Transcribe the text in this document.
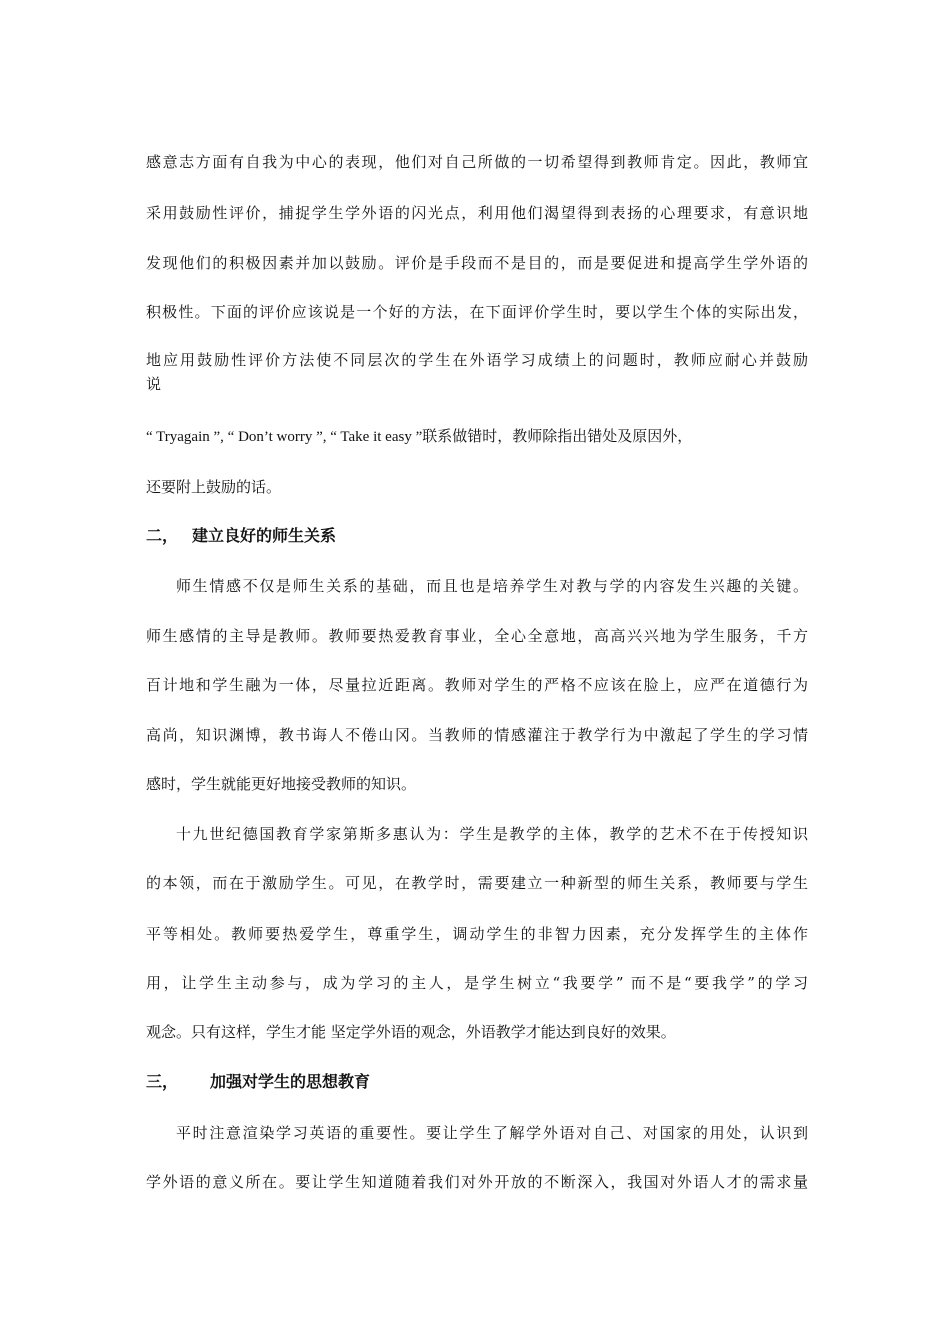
感意志方面有自我为中心的表现，他们对自己所做的一切希望得到教师肯定。因此，教师宜

采用鼓励性评价，捕捉学生学外语的闪光点，利用他们渴望得到表扬的心理要求，有意识地

发现他们的积极因素并加以鼓励。评价是手段而不是目的，而是要促进和提高学生学外语的

积极性。下面的评价应该说是一个好的方法，在下面评价学生时，要以学生个体的实际出发，

地应用鼓励性评价方法使不同层次的学生在外语学习成绩上的问题时，教师应耐心并鼓励

说

“ Tryagain ”, “ Don’t worry ”, “ Take it easy ”联系做错时，教师除指出错处及原因外，

还要附上鼓励的话。

二， 建立良好的师生关系

师生情感不仅是师生关系的基础，而且也是培养学生对教与学的内容发生兴趣的关键。

师生感情的主导是教师。教师要热爱教育事业，全心全意地，高高兴兴地为学生服务，千方

百计地和学生融为一体，尽量拉近距离。教师对学生的严格不应该在脸上，应严在道德行为

高尚，知识渊博，教书诲人不倦山冈。当教师的情感灌注于教学行为中激起了学生的学习情

感时，学生就能更好地接受教师的知识。

十九世纪德国教育学家第斯多惠认为：学生是教学的主体，教学的艺术不在于传授知识

的本领，而在于激励学生。可见，在教学时，需要建立一种新型的师生关系，教师要与学生

平等相处。教师要热爱学生，尊重学生，调动学生的非智力因素，充分发挥学生的主体作

用，让学生主动参与，成为学习的主人，是学生树立“我要学” 而不是“要我学”的学习

观念。只有这样，学生才能 坚定学外语的观念，外语教学才能达到良好的效果。

三， 加强对学生的思想教育

平时注意渲染学习英语的重要性。要让学生了解学外语对自己、对国家的用处，认识到

学外语的意义所在。要让学生知道随着我们对外开放的不断深入，我国对外语人才的需求量
